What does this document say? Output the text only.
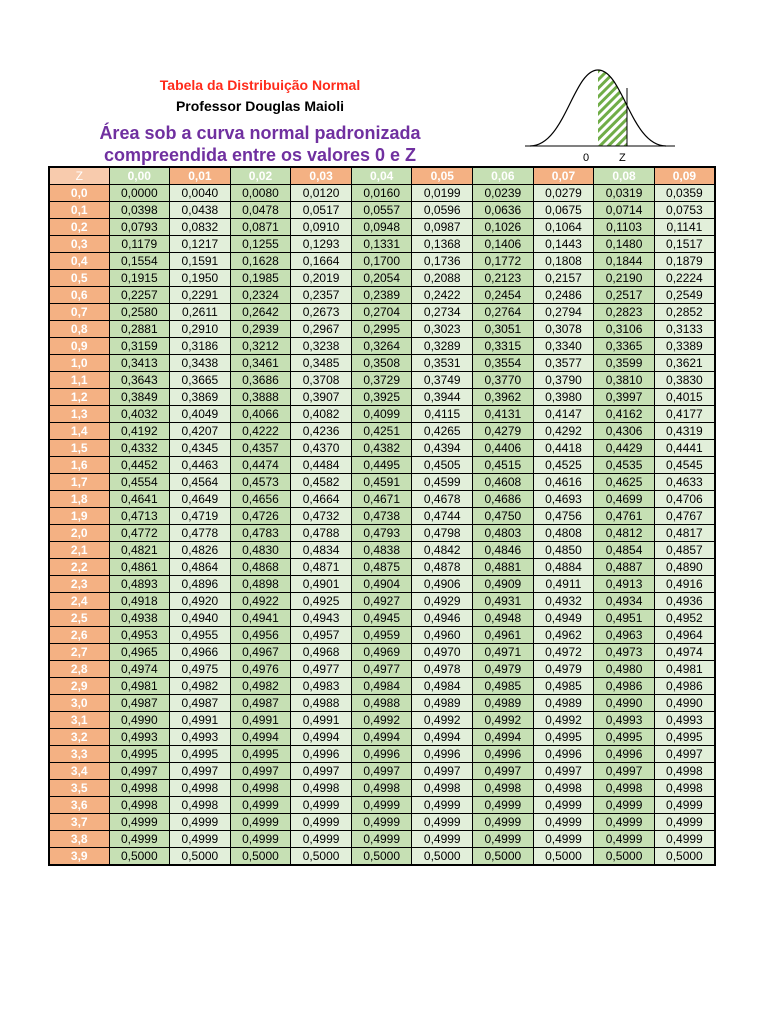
Tabela da Distribuição Normal
Professor Douglas Maioli
Área sob a curva normal padronizada
compreendida entre os valores 0 e Z	0	Z
Z	0,00	0,01	0,02	0,03	0,04	0,05	0,06	0,07	0,08	0,09
0,0	0,0000	0,0040	0,0080	0,0120	0,0160	0,0199	0,0239	0,0279	0,0319	0,0359
0,1	0,0398	0,0438	0,0478	0,0517	0,0557	0,0596	0,0636	0,0675	0,0714	0,0753
0,2	0,0793	0,0832	0,0871	0,0910	0,0948	0,0987	0,1026	0,1064	0,1103	0,1141
0,3	0,1179	0,1217	0,1255	0,1293	0,1331	0,1368	0,1406	0,1443	0,1480	0,1517
0,4	0,1554	0,1591	0,1628	0,1664	0,1700	0,1736	0,1772	0,1808	0,1844	0,1879
0,5	0,1915	0,1950	0,1985	0,2019	0,2054	0,2088	0,2123	0,2157	0,2190	0,2224
0,6	0,2257	0,2291	0,2324	0,2357	0,2389	0,2422	0,2454	0,2486	0,2517	0,2549
0,7	0,2580	0,2611	0,2642	0,2673	0,2704	0,2734	0,2764	0,2794	0,2823	0,2852
0,8	0,2881	0,2910	0,2939	0,2967	0,2995	0,3023	0,3051	0,3078	0,3106	0,3133
0,9	0,3159	0,3186	0,3212	0,3238	0,3264	0,3289	0,3315	0,3340	0,3365	0,3389
1,0	0,3413	0,3438	0,3461	0,3485	0,3508	0,3531	0,3554	0,3577	0,3599	0,3621
1,1	0,3643	0,3665	0,3686	0,3708	0,3729	0,3749	0,3770	0,3790	0,3810	0,3830
1,2	0,3849	0,3869	0,3888	0,3907	0,3925	0,3944	0,3962	0,3980	0,3997	0,4015
1,3	0,4032	0,4049	0,4066	0,4082	0,4099	0,4115	0,4131	0,4147	0,4162	0,4177
1,4	0,4192	0,4207	0,4222	0,4236	0,4251	0,4265	0,4279	0,4292	0,4306	0,4319
1,5	0,4332	0,4345	0,4357	0,4370	0,4382	0,4394	0,4406	0,4418	0,4429	0,4441
1,6	0,4452	0,4463	0,4474	0,4484	0,4495	0,4505	0,4515	0,4525	0,4535	0,4545
1,7	0,4554	0,4564	0,4573	0,4582	0,4591	0,4599	0,4608	0,4616	0,4625	0,4633
1,8	0,4641	0,4649	0,4656	0,4664	0,4671	0,4678	0,4686	0,4693	0,4699	0,4706
1,9	0,4713	0,4719	0,4726	0,4732	0,4738	0,4744	0,4750	0,4756	0,4761	0,4767
2,0	0,4772	0,4778	0,4783	0,4788	0,4793	0,4798	0,4803	0,4808	0,4812	0,4817
2,1	0,4821	0,4826	0,4830	0,4834	0,4838	0,4842	0,4846	0,4850	0,4854	0,4857
2,2	0,4861	0,4864	0,4868	0,4871	0,4875	0,4878	0,4881	0,4884	0,4887	0,4890
2,3	0,4893	0,4896	0,4898	0,4901	0,4904	0,4906	0,4909	0,4911	0,4913	0,4916
2,4	0,4918	0,4920	0,4922	0,4925	0,4927	0,4929	0,4931	0,4932	0,4934	0,4936
2,5	0,4938	0,4940	0,4941	0,4943	0,4945	0,4946	0,4948	0,4949	0,4951	0,4952
2,6	0,4953	0,4955	0,4956	0,4957	0,4959	0,4960	0,4961	0,4962	0,4963	0,4964
2,7	0,4965	0,4966	0,4967	0,4968	0,4969	0,4970	0,4971	0,4972	0,4973	0,4974
2,8	0,4974	0,4975	0,4976	0,4977	0,4977	0,4978	0,4979	0,4979	0,4980	0,4981
2,9	0,4981	0,4982	0,4982	0,4983	0,4984	0,4984	0,4985	0,4985	0,4986	0,4986
3,0	0,4987	0,4987	0,4987	0,4988	0,4988	0,4989	0,4989	0,4989	0,4990	0,4990
3,1	0,4990	0,4991	0,4991	0,4991	0,4992	0,4992	0,4992	0,4992	0,4993	0,4993
3,2	0,4993	0,4993	0,4994	0,4994	0,4994	0,4994	0,4994	0,4995	0,4995	0,4995
3,3	0,4995	0,4995	0,4995	0,4996	0,4996	0,4996	0,4996	0,4996	0,4996	0,4997
3,4	0,4997	0,4997	0,4997	0,4997	0,4997	0,4997	0,4997	0,4997	0,4997	0,4998
3,5	0,4998	0,4998	0,4998	0,4998	0,4998	0,4998	0,4998	0,4998	0,4998	0,4998
3,6	0,4998	0,4998	0,4999	0,4999	0,4999	0,4999	0,4999	0,4999	0,4999	0,4999
3,7	0,4999	0,4999	0,4999	0,4999	0,4999	0,4999	0,4999	0,4999	0,4999	0,4999
3,8	0,4999	0,4999	0,4999	0,4999	0,4999	0,4999	0,4999	0,4999	0,4999	0,4999
3,9	0,5000	0,5000	0,5000	0,5000	0,5000	0,5000	0,5000	0,5000	0,5000	0,5000
